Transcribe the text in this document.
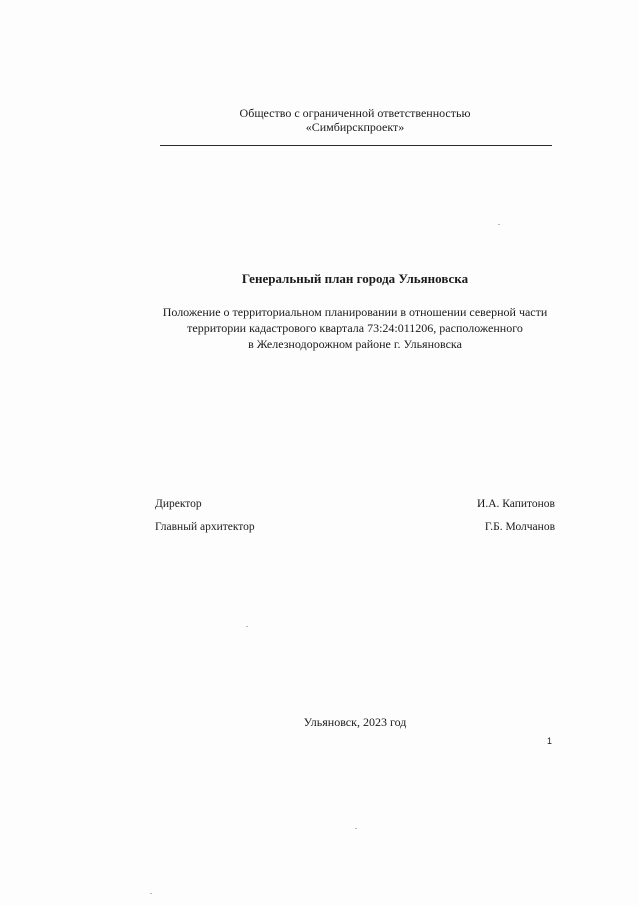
Общество с ограниченной ответственностью
«Симбирскпроект»
Генеральный план города Ульяновска
Положение о территориальном планировании в отношении северной части
территории кадастрового квартала 73:24:011206, расположенного
в Железнодорожном районе г. Ульяновска
Директор	И.А. Капитонов
Главный архитектор	Г.Б. Молчанов
Ульяновск, 2023 год
1
